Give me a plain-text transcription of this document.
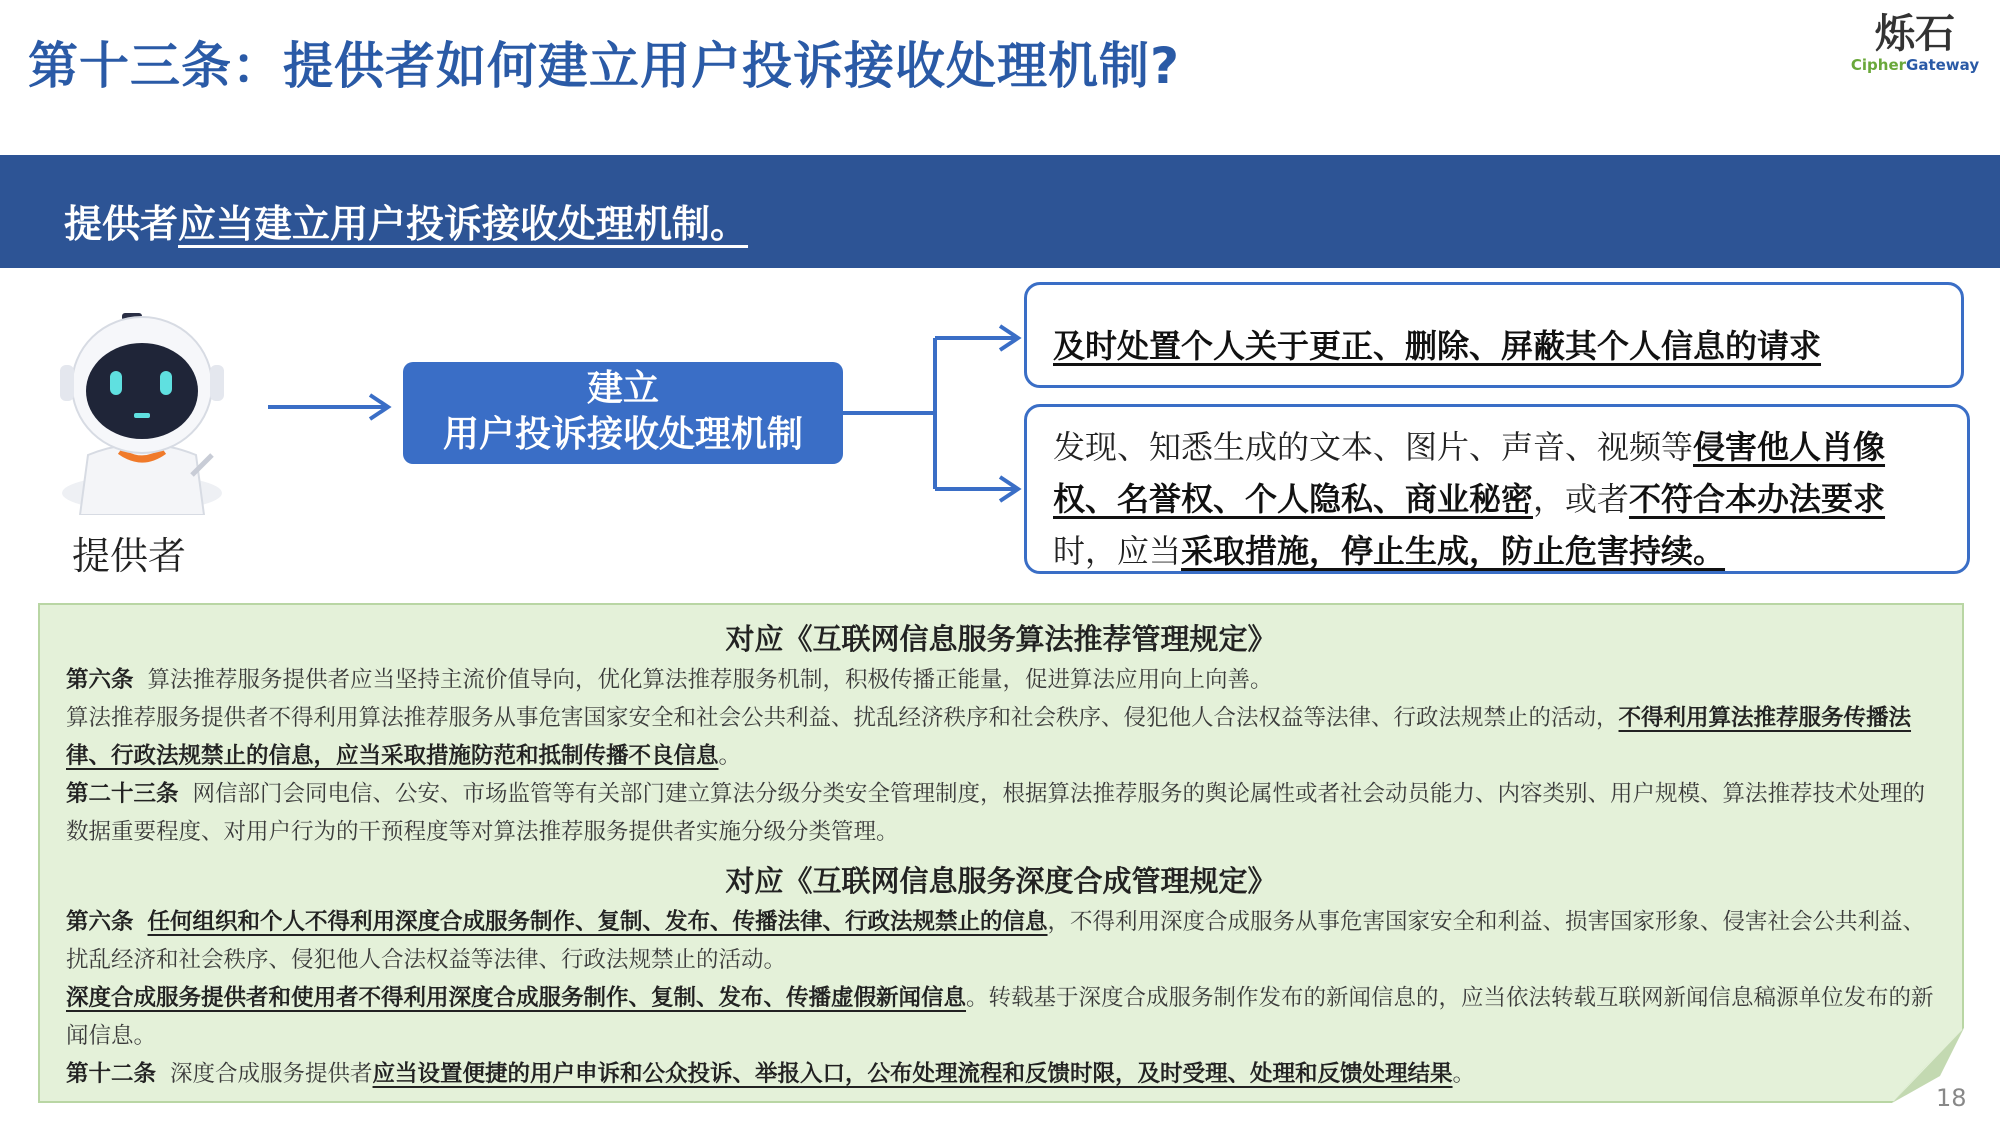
第十三条：提供者如何建立用户投诉接收处理机制?
烁石
CipherGateway
提供者应当建立用户投诉接收处理机制。
提供者
建立
用户投诉接收处理机制
及时处置个人关于更正、删除、屏蔽其个人信息的请求
发现、知悉生成的文本、图片、声音、视频等侵害他人肖像权、名誉权、个人隐私、商业秘密，或者不符合本办法要求时，应当采取措施，停止生成，防止危害持续。
对应《互联网信息服务算法推荐管理规定》
第六条 算法推荐服务提供者应当坚持主流价值导向，优化算法推荐服务机制，积极传播正能量，促进算法应用向上向善。
算法推荐服务提供者不得利用算法推荐服务从事危害国家安全和社会公共利益、扰乱经济秩序和社会秩序、侵犯他人合法权益等法律、行政法规禁止的活动，不得利用算法推荐服务传播法律、行政法规禁止的信息，应当采取措施防范和抵制传播不良信息。
第二十三条 网信部门会同电信、公安、市场监管等有关部门建立算法分级分类安全管理制度，根据算法推荐服务的舆论属性或者社会动员能力、内容类别、用户规模、算法推荐技术处理的数据重要程度、对用户行为的干预程度等对算法推荐服务提供者实施分级分类管理。
对应《互联网信息服务深度合成管理规定》
第六条 任何组织和个人不得利用深度合成服务制作、复制、发布、传播法律、行政法规禁止的信息，不得利用深度合成服务从事危害国家安全和利益、损害国家形象、侵害社会公共利益、扰乱经济和社会秩序、侵犯他人合法权益等法律、行政法规禁止的活动。
深度合成服务提供者和使用者不得利用深度合成服务制作、复制、发布、传播虚假新闻信息。转载基于深度合成服务制作发布的新闻信息的，应当依法转载互联网新闻信息稿源单位发布的新闻信息。
第十二条 深度合成服务提供者应当设置便捷的用户申诉和公众投诉、举报入口，公布处理流程和反馈时限，及时受理、处理和反馈处理结果。
18
